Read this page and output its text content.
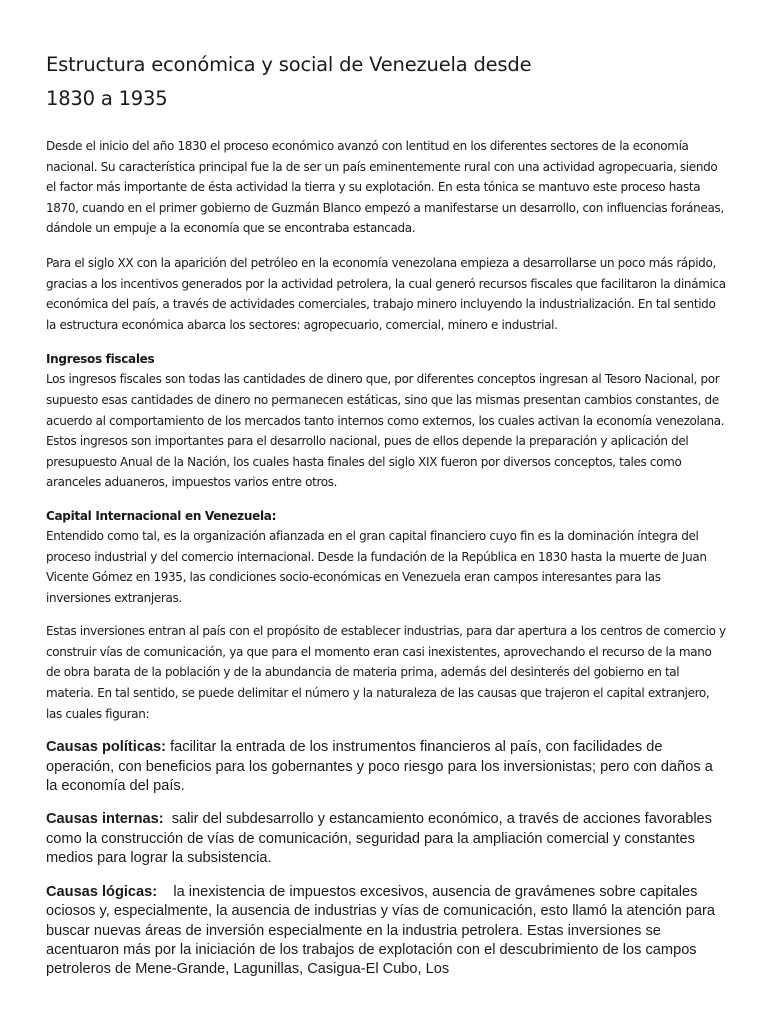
Estructura económica y social de Venezuela desde
1830 a 1935

Desde el inicio del año 1830 el proceso económico avanzó con lentitud en los diferentes sectores de la economía nacional. Su característica principal fue la de ser un país eminentemente rural con una actividad agropecuaria, siendo el factor más importante de ésta actividad la tierra y su explotación. En esta tónica se mantuvo este proceso hasta 1870, cuando en el primer gobierno de Guzmán Blanco empezó a manifestarse un desarrollo, con influencias foráneas, dándole un empuje a la economía que se encontraba estancada.

Para el siglo XX con la aparición del petróleo en la economía venezolana empieza a desarrollarse un poco más rápido, gracias a los incentivos generados por la actividad petrolera, la cual generó recursos fiscales que facilitaron la dinámica económica del país, a través de actividades comerciales, trabajo minero incluyendo la industrialización. En tal sentido la estructura económica abarca los sectores: agropecuario, comercial, minero e industrial.

Ingresos fiscales

Los ingresos fiscales son todas las cantidades de dinero que, por diferentes conceptos ingresan al Tesoro Nacional, por supuesto esas cantidades de dinero no permanecen estáticas, sino que las mismas presentan cambios constantes, de acuerdo al comportamiento de los mercados tanto internos como externos, los cuales activan la economía venezolana. Estos ingresos son importantes para el desarrollo nacional, pues de ellos depende la preparación y aplicación del presupuesto Anual de la Nación, los cuales hasta finales del siglo XIX fueron por diversos conceptos, tales como aranceles aduaneros, impuestos varios entre otros.

Capital Internacional en Venezuela:

Entendido como tal, es la organización afianzada en el gran capital financiero cuyo fin es la dominación íntegra del proceso industrial y del comercio internacional. Desde la fundación de la República en 1830 hasta la muerte de Juan Vicente Gómez en 1935, las condiciones socio-económicas en Venezuela eran campos interesantes para las inversiones extranjeras.

Estas inversiones entran al país con el propósito de establecer industrias, para dar apertura a los centros de comercio y construir vías de comunicación, ya que para el momento eran casi inexistentes, aprovechando el recurso de la mano de obra barata de la población y de la abundancia de materia prima, además del desinterés del gobierno en tal materia. En tal sentido, se puede delimitar el número y la naturaleza de las causas que trajeron el capital extranjero, las cuales figuran:

Causas políticas: facilitar la entrada de los instrumentos financieros al país, con facilidades de operación, con beneficios para los gobernantes y poco riesgo para los inversionistas; pero con daños a la economía del país.

Causas internas:  salir del subdesarrollo y estancamiento económico, a través de acciones favorables como la construcción de vías de comunicación, seguridad para la ampliación comercial y constantes medios para lograr la subsistencia.

Causas lógicas:    la inexistencia de impuestos excesivos, ausencia de gravámenes sobre capitales ociosos y, especialmente, la ausencia de industrias y vías de comunicación, esto llamó la atención para buscar nuevas áreas de inversión especialmente en la industria petrolera. Estas inversiones se acentuaron más por la iniciación de los trabajos de explotación con el descubrimiento de los campos petroleros de Mene-Grande, Lagunillas, Casigua-El Cubo, Los
